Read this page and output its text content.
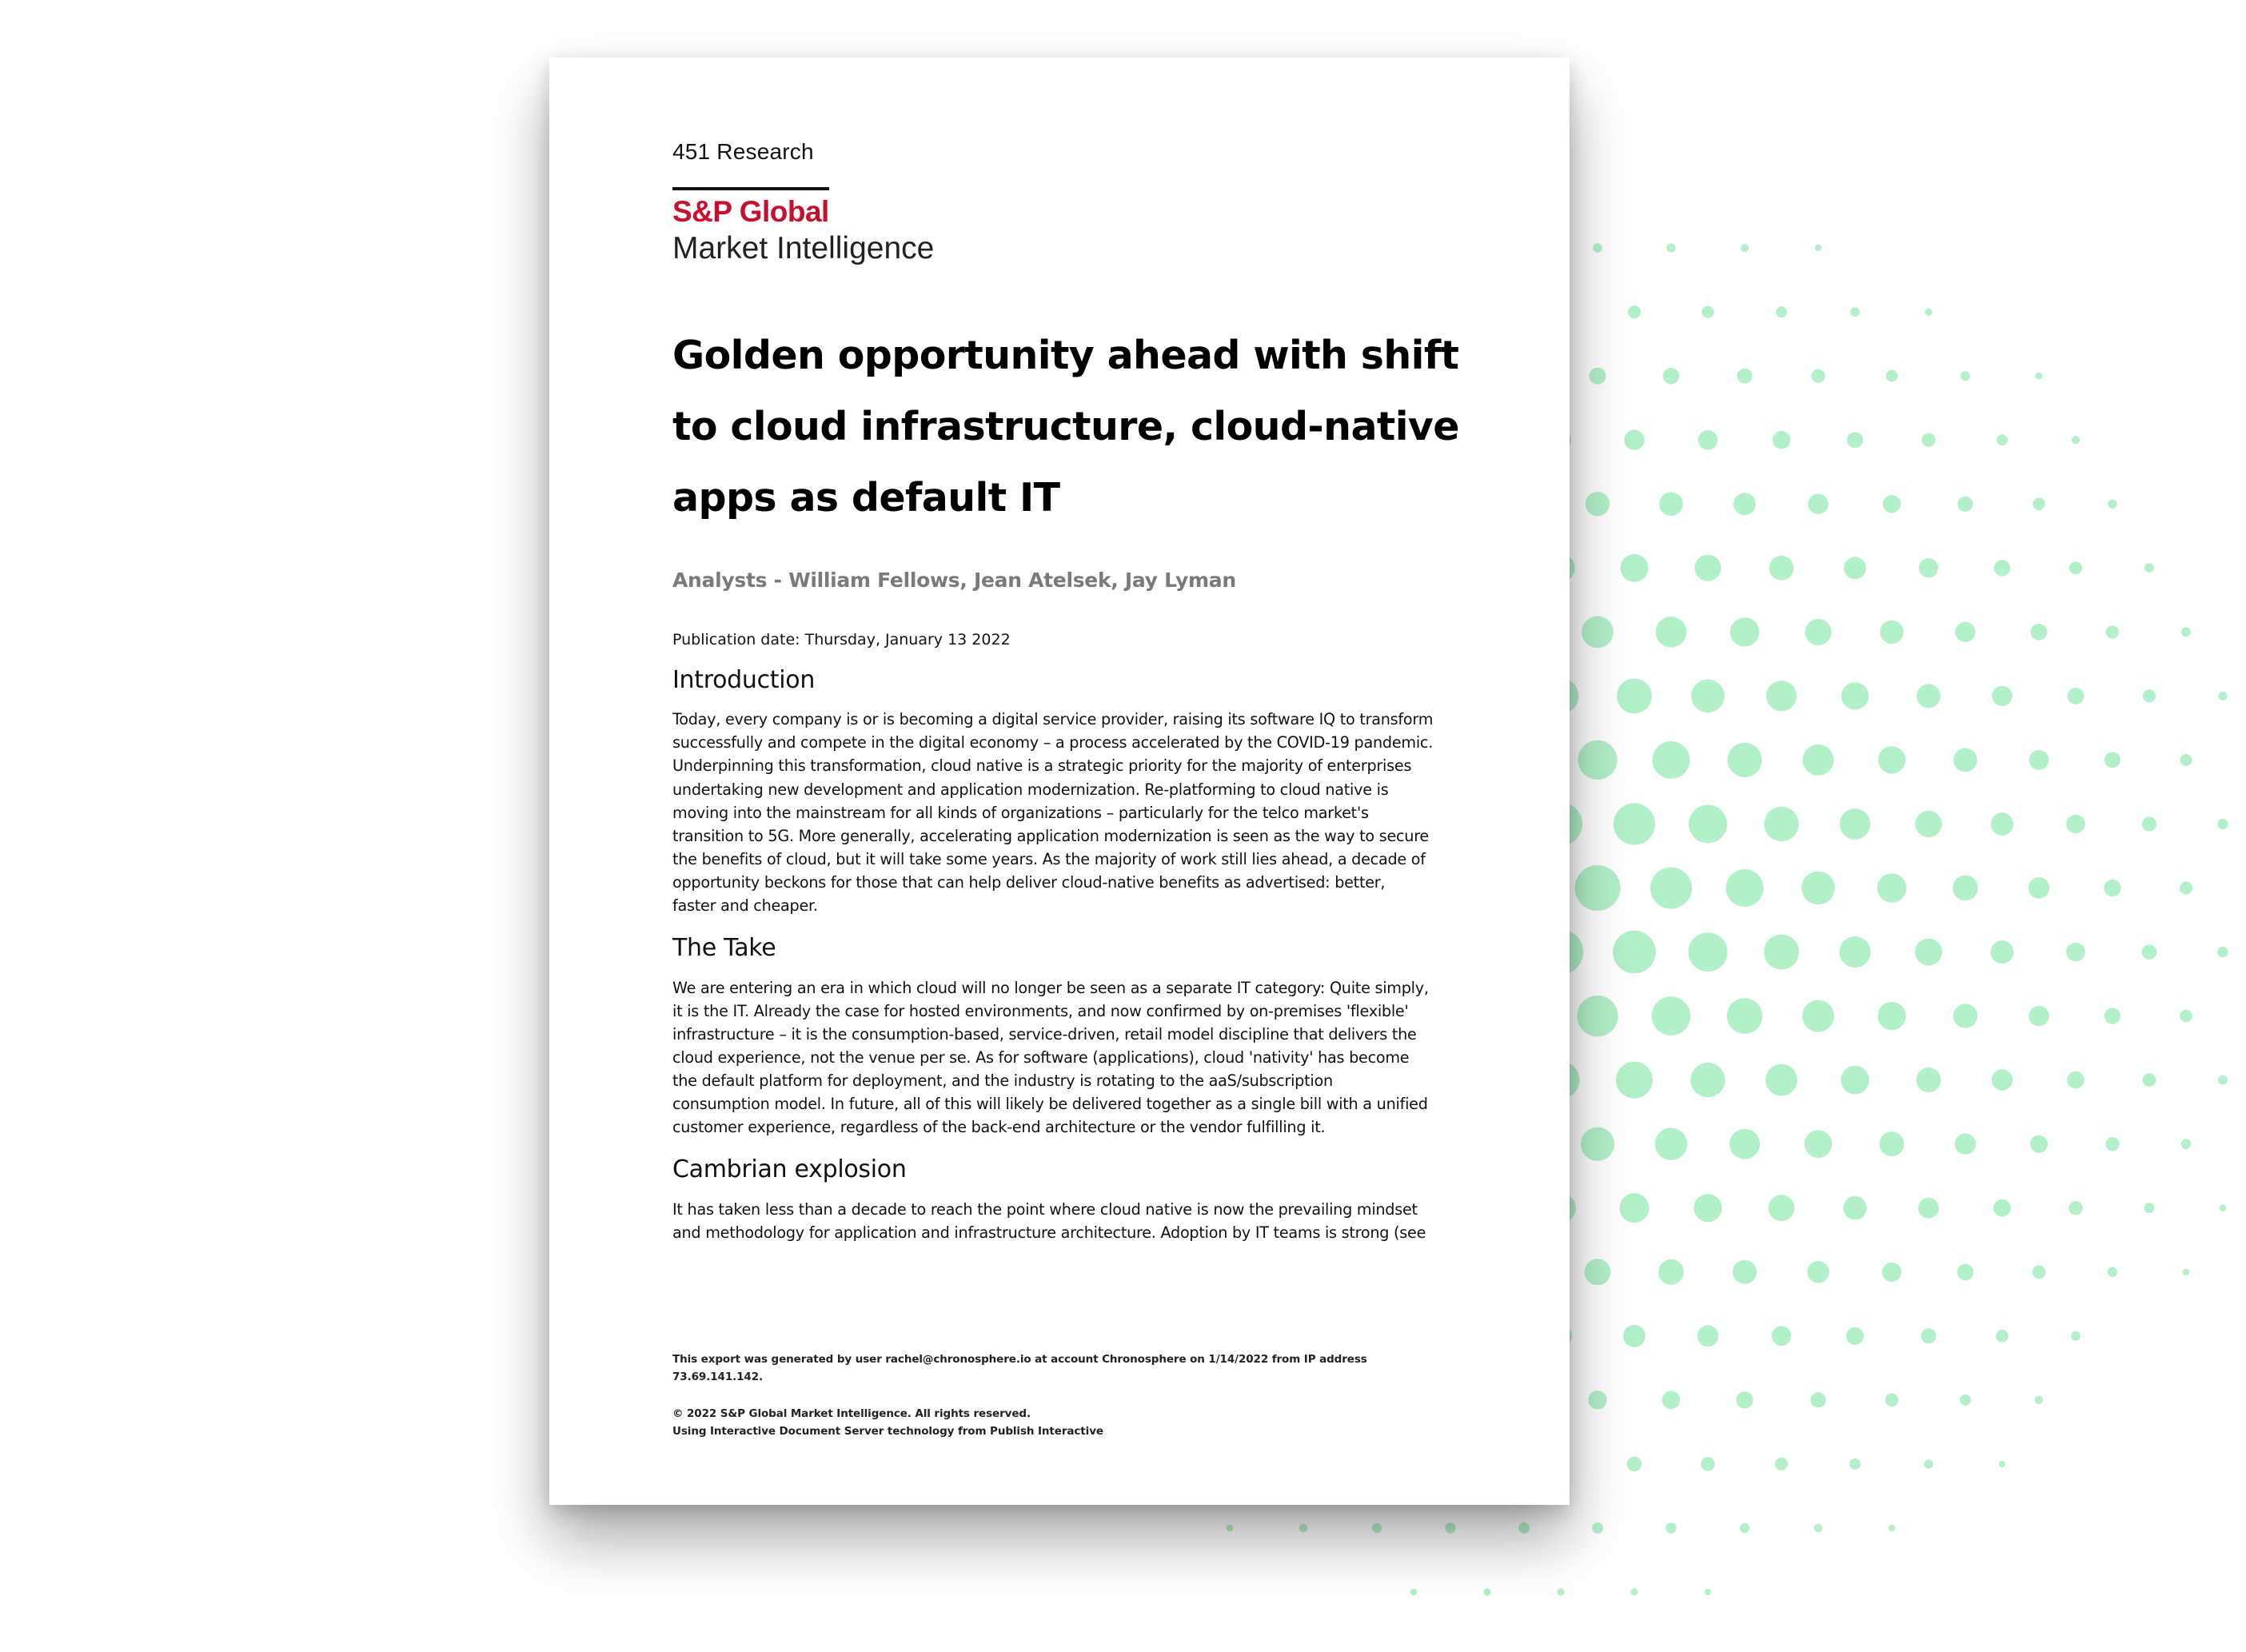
451 Research
S&P Global
Market Intelligence
Golden opportunity ahead with shift
to cloud infrastructure, cloud-native
apps as default IT
Analysts - William Fellows, Jean Atelsek, Jay Lyman
Publication date: Thursday, January 13 2022
Introduction
Today, every company is or is becoming a digital service provider, raising its software IQ to transform
successfully and compete in the digital economy – a process accelerated by the COVID-19 pandemic.
Underpinning this transformation, cloud native is a strategic priority for the majority of enterprises
undertaking new development and application modernization. Re-platforming to cloud native is
moving into the mainstream for all kinds of organizations – particularly for the telco market's
transition to 5G. More generally, accelerating application modernization is seen as the way to secure
the benefits of cloud, but it will take some years. As the majority of work still lies ahead, a decade of
opportunity beckons for those that can help deliver cloud-native benefits as advertised: better,
faster and cheaper.
The Take
We are entering an era in which cloud will no longer be seen as a separate IT category: Quite simply,
it is the IT. Already the case for hosted environments, and now confirmed by on-premises 'flexible'
infrastructure – it is the consumption-based, service-driven, retail model discipline that delivers the
cloud experience, not the venue per se. As for software (applications), cloud 'nativity' has become
the default platform for deployment, and the industry is rotating to the aaS/subscription
consumption model. In future, all of this will likely be delivered together as a single bill with a unified
customer experience, regardless of the back-end architecture or the vendor fulfilling it.
Cambrian explosion
It has taken less than a decade to reach the point where cloud native is now the prevailing mindset
and methodology for application and infrastructure architecture. Adoption by IT teams is strong (see
This export was generated by user rachel@chronosphere.io at account Chronosphere on 1/14/2022 from IP address 73.69.141.142.
© 2022 S&P Global Market Intelligence. All rights reserved.
Using Interactive Document Server technology from Publish Interactive
